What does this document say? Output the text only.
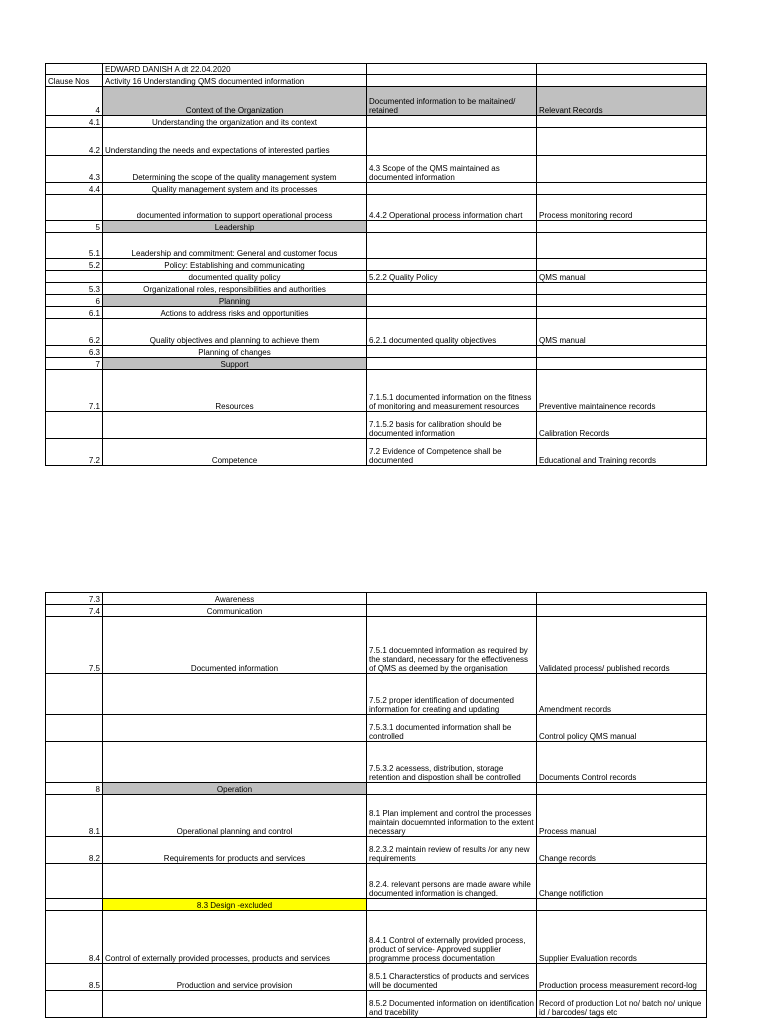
	EDWARD DANISH A dt 22.04.2020		
Clause Nos	Activity 16 Understanding QMS documented information		
4	Context of the Organization	Documented information to be maitained/ retained	Relevant Records
4.1	Understanding the organization and its context		
4.2	Understanding the needs and expectations of interested parties		
4.3	Determining the scope of the quality management system	4.3 Scope of the QMS maintained as documented information	
4.4	Quality management system and its processes		
	documented information to support operational process	4.4.2 Operational process information chart	Process monitoring record
5	Leadership		
5.1	Leadership and commitment: General and customer focus		
5.2	Policy: Establishing and communicating		
	documented quality policy	5.2.2 Quality Policy	QMS manual
5.3	Organizational roles, responsibilities and authorities		
6	Planning		
6.1	Actions to address risks and opportunities		
6.2	Quality objectives and planning to achieve them	6.2.1 documented quality objectives	QMS manual
6.3	Planning of changes		
7	Support		
7.1	Resources	7.1.5.1 documented information on the fitness of monitoring and measurement resources	Preventive maintainence records
		7.1.5.2 basis for calibration should be documented information	Calibration Records
7.2	Competence	7.2 Evidence of Competence shall be documented	Educational and Training records
7.3	Awareness		
7.4	Communication		
7.5	Documented information	7.5.1 docuemnted information as required by the standard, necessary for the effectiveness of QMS as deemed by the organisation	Validated process/ published records
		7.5.2 proper identification of documented information for creating and updating	Amendment records
		7.5.3.1 documented information shall be controlled	Control policy QMS manual
		7.5.3.2 acessess, distribution, storage retention and dispostion shall be controlled	Documents Control records
8	Operation		
8.1	Operational planning and control	8.1 Plan implement and control the processes maintain docuemnted information to the extent necessary	Process manual
8.2	Requirements for products and services	8.2.3.2 maintain review of results /or any new requirements	Change records
		8.2.4. relevant persons are made aware while documented information is changed.	Change notifiction
	8.3 Design -excluded		
8.4	Control of externally provided processes, products and services	8.4.1 Control of externally provided process, product of service- Approved supplier programme process documentation	Supplier Evaluation records
8.5	Production and service provision	8.5.1 Characterstics of products and services will be documented	Production process measurement record-log
		8.5.2 Documented information on identification and tracebility	Record of production Lot no/ batch no/ unique id / barcodes/ tags etc
